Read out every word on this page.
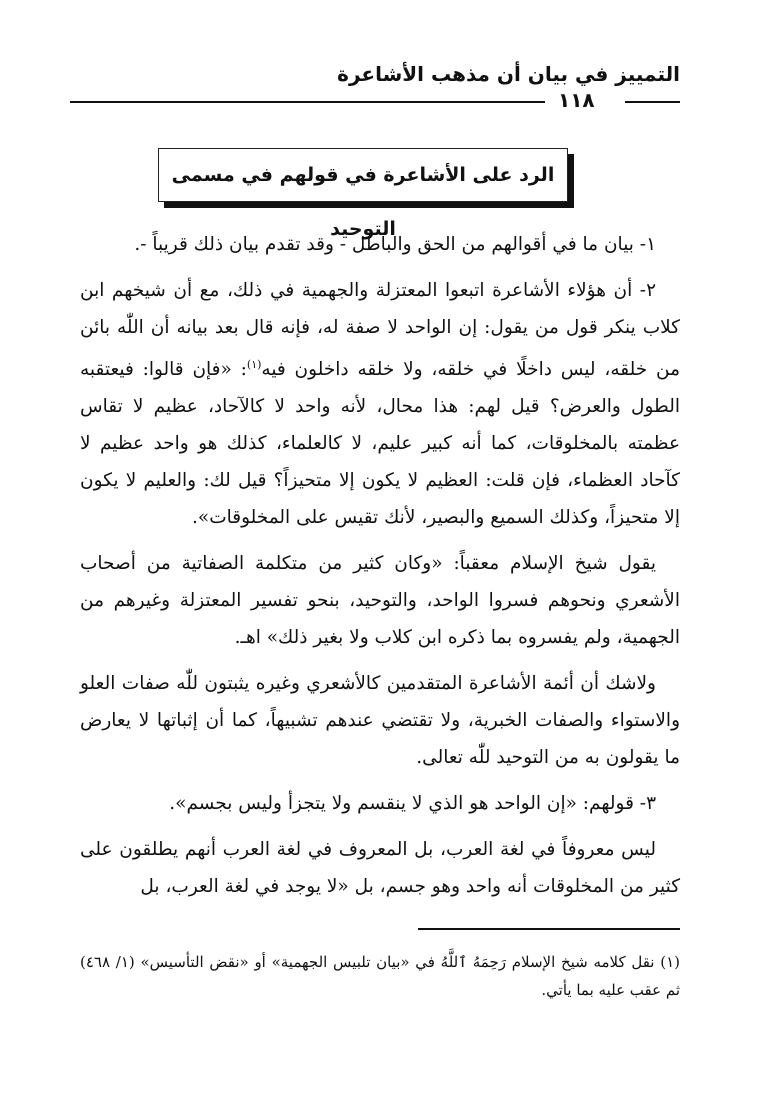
التمييز في بيان أن مذهب الأشاعرة
١١٨
الرد على الأشاعرة في قولهم في مسمى التوحيد

١- بيان ما في أقوالهم من الحق والباطل - وقد تقدم بيان ذلك قريباً -.

٢- أن هؤلاء الأشاعرة اتبعوا المعتزلة والجهمية في ذلك، مع أن شيخهم ابن كلاب ينكر قول من يقول: إن الواحد لا صفة له، فإنه قال بعد بيانه أن اللّٰه بائن من خلقه، ليس داخلًا في خلقه، ولا خلقه داخلون فيه$^{(١)}$: «فإن قالوا: فيعتقبه الطول والعرض؟ قيل لهم: هذا محال، لأنه واحد لا كالآحاد، عظيم لا تقاس عظمته بالمخلوقات، كما أنه كبير عليم، لا كالعلماء، كذلك هو واحد عظيم لا كآحاد العظماء، فإن قلت: العظيم لا يكون إلا متحيزاً؟ قيل لك: والعليم لا يكون إلا متحيزاً، وكذلك السميع والبصير، لأنك تقيس على المخلوقات».

يقول شيخ الإسلام معقباً: «وكان كثير من متكلمة الصفاتية من أصحاب الأشعري ونحوهم فسروا الواحد، والتوحيد، بنحو تفسير المعتزلة وغيرهم من الجهمية، ولم يفسروه بما ذكره ابن كلاب ولا بغير ذلك» اهـ.

ولاشك أن أئمة الأشاعرة المتقدمين كالأشعري وغيره يثبتون للّٰه صفات العلو والاستواء والصفات الخبرية، ولا تقتضي عندهم تشبيهاً، كما أن إثباتها لا يعارض ما يقولون به من التوحيد للّٰه تعالى.

٣- قولهم: «إن الواحد هو الذي لا ينقسم ولا يتجزأ وليس بجسم».

ليس معروفاً في لغة العرب، بل المعروف في لغة العرب أنهم يطلقون على كثير من المخلوقات أنه واحد وهو جسم، بل «لا يوجد في لغة العرب، بل

(١) نقل كلامه شيخ الإسلام رَحِمَهُ ٱللَّهُ في «بيان تلبيس الجهمية» أو «نقض التأسيس» (١/ ٤٦٨) ثم عقب عليه بما يأتي.
